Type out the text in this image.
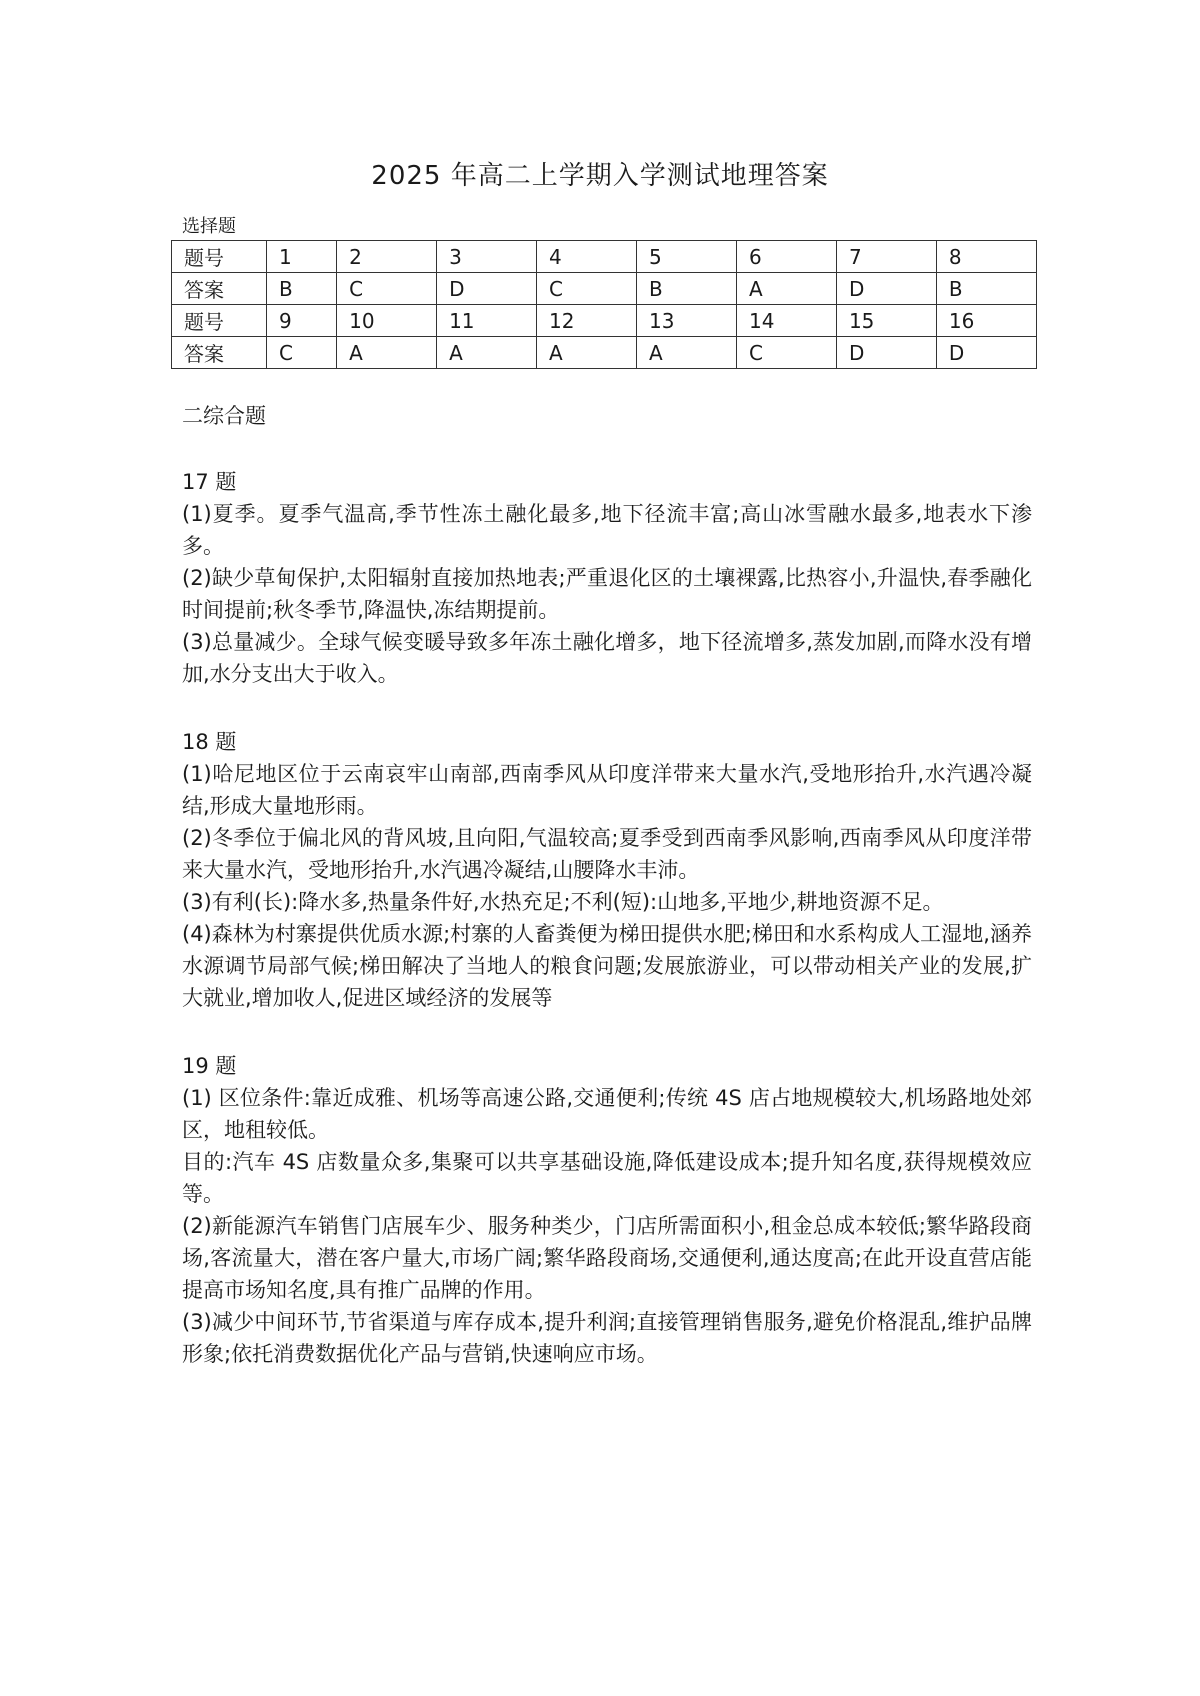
2025 年高二上学期入学测试地理答案
选择题
题号	1	2	3	4	5	6	7	8
答案	B	C	D	C	B	A	D	B
题号	9	10	11	12	13	14	15	16
答案	C	A	A	A	A	C	D	D

二综合题

17 题

(1)夏季。夏季气温高,季节性冻土融化最多,地下径流丰富;高山冰雪融水最多,地表水下渗多。

(2)缺少草甸保护,太阳辐射直接加热地表;严重退化区的土壤裸露,比热容小,升温快,春季融化时间提前;秋冬季节,降温快,冻结期提前。

(3)总量减少。全球气候变暖导致多年冻土融化增多，地下径流增多,蒸发加剧,而降水没有增加,水分支出大于收入。

18 题

(1)哈尼地区位于云南哀牢山南部,西南季风从印度洋带来大量水汽,受地形抬升,水汽遇冷凝结,形成大量地形雨。

(2)冬季位于偏北风的背风坡,且向阳,气温较高;夏季受到西南季风影响,西南季风从印度洋带来大量水汽，受地形抬升,水汽遇冷凝结,山腰降水丰沛。

(3)有利(长):降水多,热量条件好,水热充足;不利(短):山地多,平地少,耕地资源不足。

(4)森林为村寨提供优质水源;村寨的人畜粪便为梯田提供水肥;梯田和水系构成人工湿地,涵养水源调节局部气候;梯田解决了当地人的粮食问题;发展旅游业，可以带动相关产业的发展,扩大就业,增加收人,促进区域经济的发展等

19 题

(1) 区位条件:靠近成雅、机场等高速公路,交通便利;传统 4S 店占地规模较大,机场路地处郊区，地租较低。

目的:汽车 4S 店数量众多,集聚可以共享基础设施,降低建设成本;提升知名度,获得规模效应等。

(2)新能源汽车销售门店展车少、服务种类少，门店所需面积小,租金总成本较低;繁华路段商场,客流量大，潜在客户量大,市场广阔;繁华路段商场,交通便利,通达度高;在此开设直营店能提高市场知名度,具有推广品牌的作用。

(3)减少中间环节,节省渠道与库存成本,提升利润;直接管理销售服务,避免价格混乱,维护品牌形象;依托消费数据优化产品与营销,快速响应市场。
